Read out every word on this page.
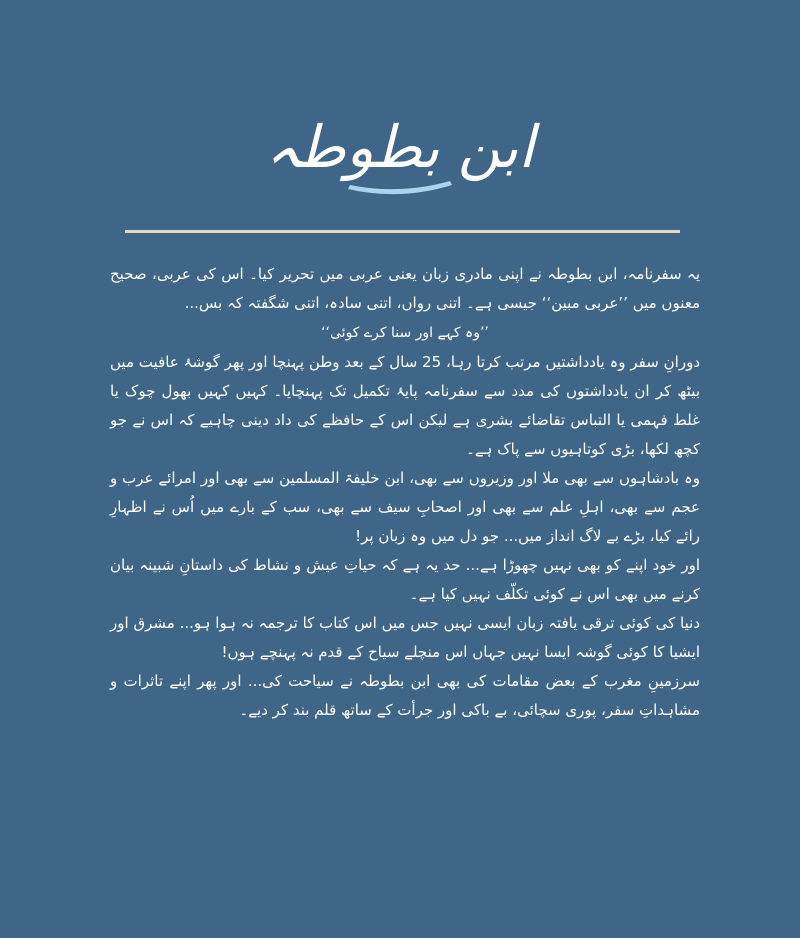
ابن بطوطہ

یہ سفرنامہ، ابن بطوطہ نے اپنی مادری زبان یعنی عربی میں تحریر کیا۔ اس کی عربی، صحیح معنوں میں ’’عربی مبین‘‘ جیسی ہے۔ اتنی رواں، اتنی سادہ، اتنی شگفتہ کہ بس...

’’وہ کہے اور سنا کرے کوئی‘‘

دورانِ سفر وہ یادداشتیں مرتب کرتا رہا، 25 سال کے بعد وطن پہنچا اور پھر گوشۂ عافیت میں بیٹھ کر ان یادداشتوں کی مدد سے سفرنامہ پایۂ تکمیل تک پہنچایا۔ کہیں کہیں بھول چوک یا غلط فہمی یا التباس تقاضائے بشری ہے لیکن اس کے حافظے کی داد دینی چاہیے کہ اس نے جو کچھ لکھا، بڑی کوتاہیوں سے پاک ہے۔

وہ بادشاہوں سے بھی ملا اور وزیروں سے بھی، ابن خلیفۃ المسلمین سے بھی اور امرائے عرب و عجم سے بھی، اہلِ علم سے بھی اور اصحابِ سیف سے بھی، سب کے بارے میں اُس نے اظہارِ رائے کیا، بڑے بے لاگ انداز میں... جو دل میں وہ زبان پر!

اور خود اپنے کو بھی نہیں چھوڑا ہے... حد یہ ہے کہ حیاتِ عیش و نشاط کی داستانِ شبینہ بیان کرنے میں بھی اس نے کوئی تکلّف نہیں کیا ہے۔

دنیا کی کوئی ترقی یافتہ زبان ایسی نہیں جس میں اس کتاب کا ترجمہ نہ ہوا ہو... مشرق اور ایشیا کا کوئی گوشہ ایسا نہیں جہاں اس منچلے سیاح کے قدم نہ پہنچے ہوں!

سرزمینِ مغرب کے بعض مقامات کی بھی ابن بطوطہ نے سیاحت کی... اور پھر اپنے تاثرات و مشاہداتِ سفر، پوری سچائی، بے باکی اور جرأت کے ساتھ قلم بند کر دیے۔
